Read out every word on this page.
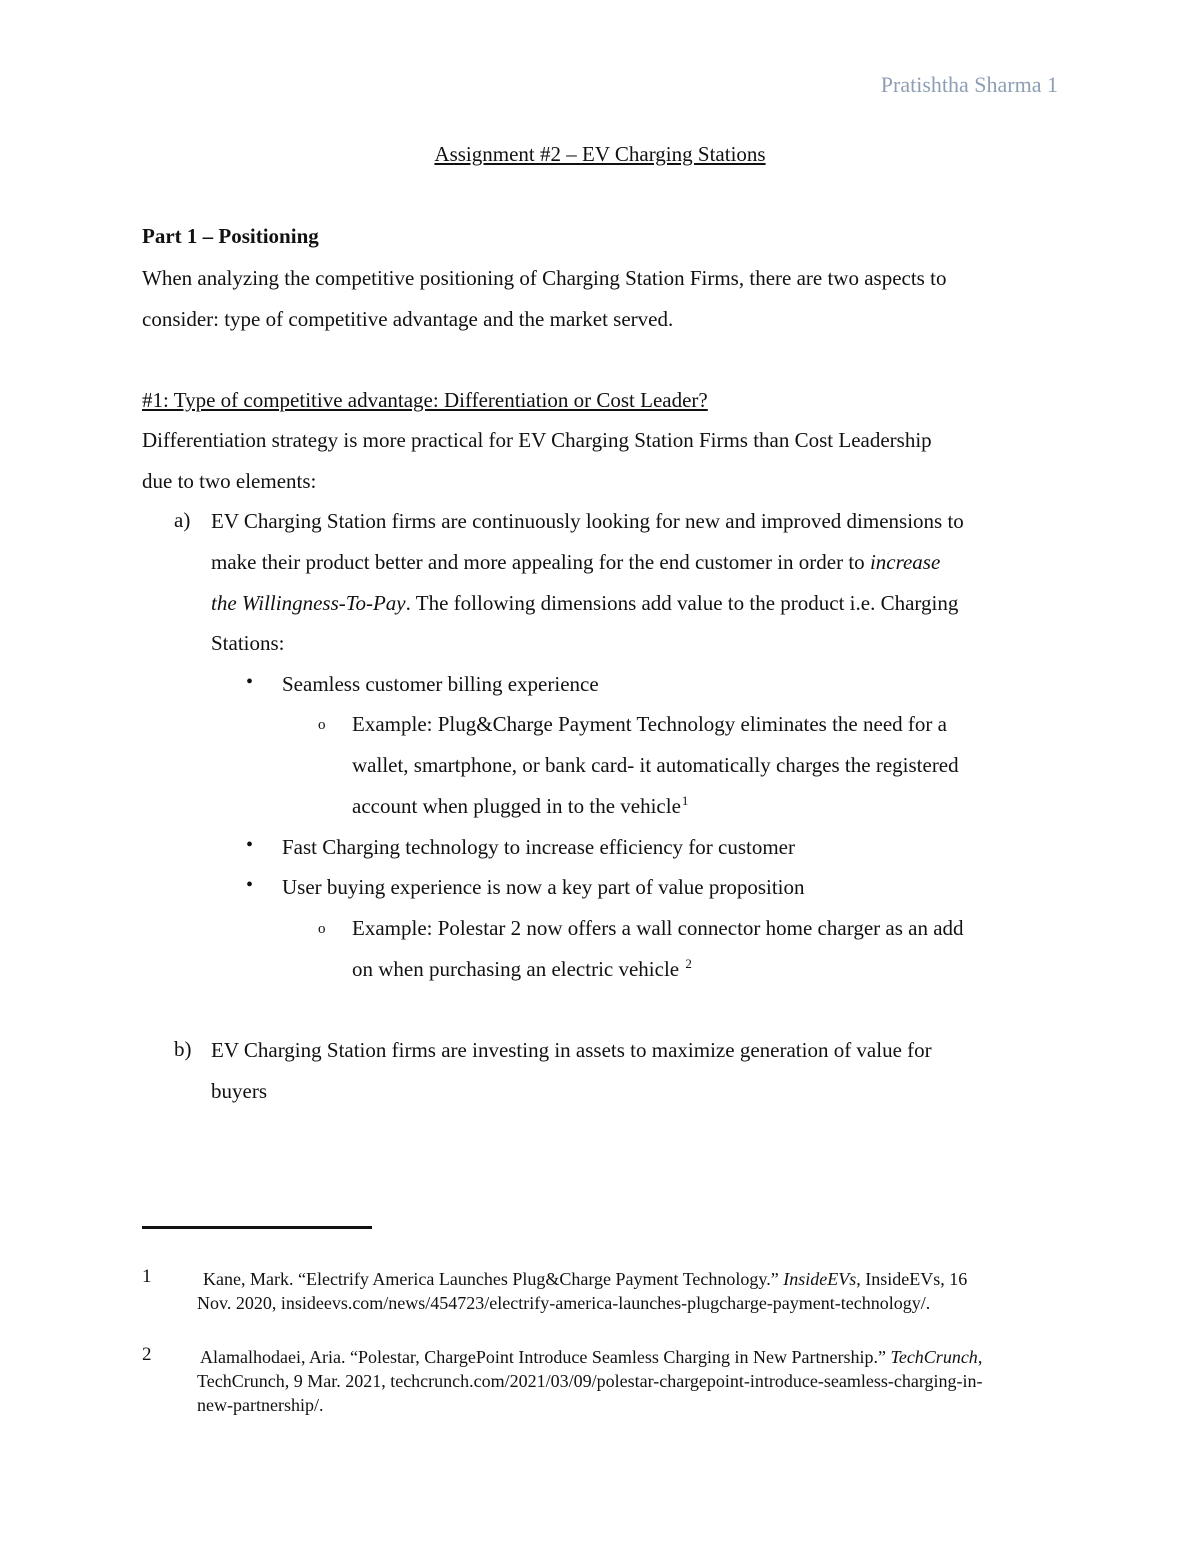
Pratishtha Sharma 1
Assignment #2 – EV Charging Stations
Part 1 – Positioning
When analyzing the competitive positioning of Charging Station Firms, there are two aspects to
consider: type of competitive advantage and the market served.
#1: Type of competitive advantage: Differentiation or Cost Leader?
Differentiation strategy is more practical for EV Charging Station Firms than Cost Leadership
due to two elements:
a) EV Charging Station firms are continuously looking for new and improved dimensions to
make their product better and more appealing for the end customer in order to increase
the Willingness-To-Pay. The following dimensions add value to the product i.e. Charging
Stations:
• Seamless customer billing experience
o Example: Plug&Charge Payment Technology eliminates the need for a
wallet, smartphone, or bank card- it automatically charges the registered
account when plugged in to the vehicle$^1$
• Fast Charging technology to increase efficiency for customer
• User buying experience is now a key part of value proposition
o Example: Polestar 2 now offers a wall connector home charger as an add
on when purchasing an electric vehicle $^2$
b) EV Charging Station firms are investing in assets to maximize generation of value for
buyers
1	Kane, Mark. “Electrify America Launches Plug&Charge Payment Technology.” InsideEVs, InsideEVs, 16
Nov. 2020, insideevs.com/news/454723/electrify-america-launches-plugcharge-payment-technology/.
2	Alamalhodaei, Aria. “Polestar, ChargePoint Introduce Seamless Charging in New Partnership.” TechCrunch,
TechCrunch, 9 Mar. 2021, techcrunch.com/2021/03/09/polestar-chargepoint-introduce-seamless-charging-in-
new-partnership/.
